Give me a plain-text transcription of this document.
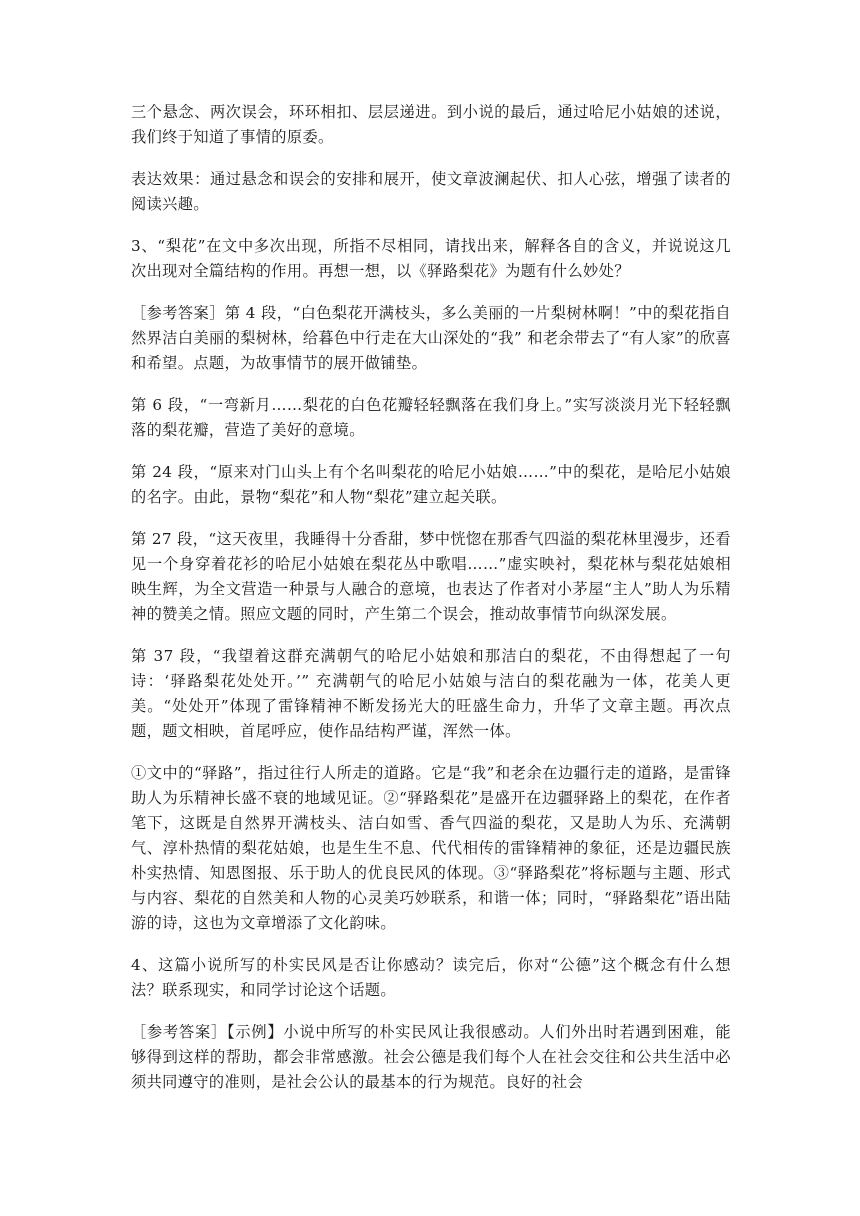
三个悬念、两次误会，环环相扣、层层递进。到小说的最后，通过哈尼小姑娘的述说，我们终于知道了事情的原委。

表达效果：通过悬念和误会的安排和展开，使文章波澜起伏、扣人心弦，增强了读者的阅读兴趣。

3、“梨花”在文中多次出现，所指不尽相同，请找出来，解释各自的含义，并说说这几次出现对全篇结构的作用。再想一想，以《驿路梨花》为题有什么妙处？

［参考答案］第 4 段，“白色梨花开满枝头，多么美丽的一片梨树林啊！”中的梨花指自然界洁白美丽的梨树林，给暮色中行走在大山深处的“我” 和老余带去了“有人家”的欣喜和希望。点题，为故事情节的展开做铺垫。

第 6 段，“一弯新月……梨花的白色花瓣轻轻飘落在我们身上。”实写淡淡月光下轻轻飘落的梨花瓣，营造了美好的意境。

第 24 段，“原来对门山头上有个名叫梨花的哈尼小姑娘……”中的梨花，是哈尼小姑娘的名字。由此，景物“梨花”和人物“梨花”建立起关联。

第 27 段，“这天夜里，我睡得十分香甜，梦中恍惚在那香气四溢的梨花林里漫步，还看见一个身穿着花衫的哈尼小姑娘在梨花丛中歌唱……”虚实映衬，梨花林与梨花姑娘相映生辉，为全文营造一种景与人融合的意境，也表达了作者对小茅屋“主人”助人为乐精神的赞美之情。照应文题的同时，产生第二个误会，推动故事情节向纵深发展。

第 37 段，“我望着这群充满朝气的哈尼小姑娘和那洁白的梨花，不由得想起了一句诗：‘驿路梨花处处开。’” 充满朝气的哈尼小姑娘与洁白的梨花融为一体，花美人更美。“处处开”体现了雷锋精神不断发扬光大的旺盛生命力，升华了文章主题。再次点题，题文相映，首尾呼应，使作品结构严谨，浑然一体。

①文中的“驿路”，指过往行人所走的道路。它是“我”和老余在边疆行走的道路，是雷锋助人为乐精神长盛不衰的地域见证。②“驿路梨花”是盛开在边疆驿路上的梨花，在作者笔下，这既是自然界开满枝头、洁白如雪、香气四溢的梨花，又是助人为乐、充满朝气、淳朴热情的梨花姑娘，也是生生不息、代代相传的雷锋精神的象征，还是边疆民族朴实热情、知恩图报、乐于助人的优良民风的体现。③“驿路梨花”将标题与主题、形式与内容、梨花的自然美和人物的心灵美巧妙联系，和谐一体；同时，“驿路梨花”语出陆游的诗，这也为文章增添了文化韵味。

4、这篇小说所写的朴实民风是否让你感动？读完后，你对“公德”这个概念有什么想法？联系现实，和同学讨论这个话题。

［参考答案］【示例】小说中所写的朴实民风让我很感动。人们外出时若遇到困难，能够得到这样的帮助，都会非常感激。社会公德是我们每个人在社会交往和公共生活中必须共同遵守的准则，是社会公认的最基本的行为规范。良好的社会
